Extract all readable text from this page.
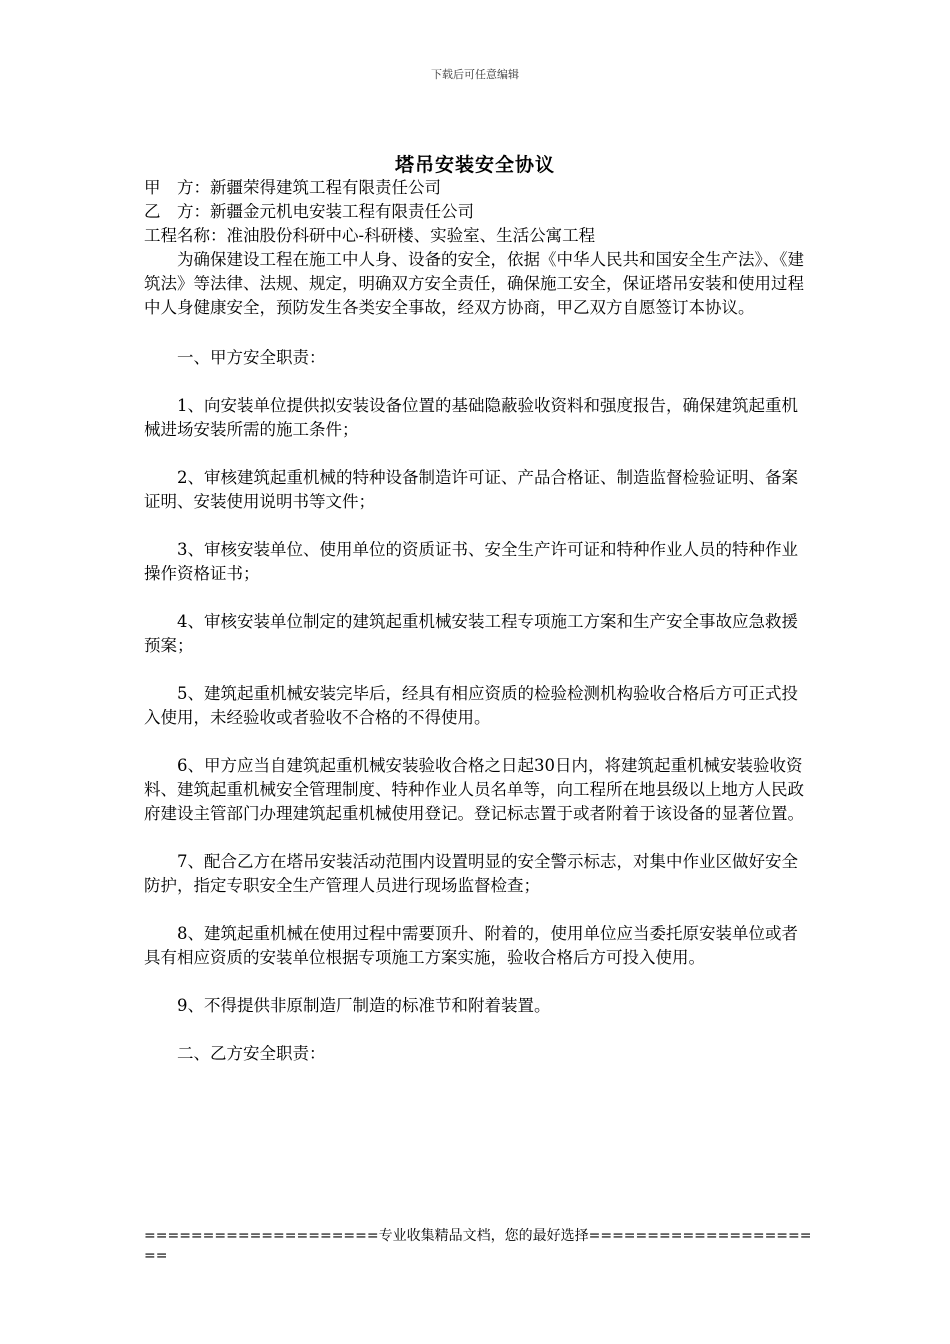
下载后可任意编辑
塔吊安装安全协议

甲　方：新疆荣得建筑工程有限责任公司

乙　方：新疆金元机电安装工程有限责任公司

工程名称：准油股份科研中心-科研楼、实验室、生活公寓工程

为确保建设工程在施工中人身、设备的安全，依据《中华人民共和国安全生产法》、《建筑法》等法律、法规、规定，明确双方安全责任，确保施工安全，保证塔吊安装和使用过程中人身健康安全，预防发生各类安全事故，经双方协商，甲乙双方自愿签订本协议。

一、甲方安全职责：

1、向安装单位提供拟安装设备位置的基础隐蔽验收资料和强度报告，确保建筑起重机械进场安装所需的施工条件；

2、审核建筑起重机械的特种设备制造许可证、产品合格证、制造监督检验证明、备案证明、安装使用说明书等文件；

3、审核安装单位、使用单位的资质证书、安全生产许可证和特种作业人员的特种作业操作资格证书；

4、审核安装单位制定的建筑起重机械安装工程专项施工方案和生产安全事故应急救援预案；

5、建筑起重机械安装完毕后，经具有相应资质的检验检测机构验收合格后方可正式投入使用，未经验收或者验收不合格的不得使用。

6、甲方应当自建筑起重机械安装验收合格之日起30日内，将建筑起重机械安装验收资料、建筑起重机械安全管理制度、特种作业人员名单等，向工程所在地县级以上地方人民政府建设主管部门办理建筑起重机械使用登记。登记标志置于或者附着于该设备的显著位置。

7、配合乙方在塔吊安装活动范围内设置明显的安全警示标志，对集中作业区做好安全防护，指定专职安全生产管理人员进行现场监督检查；

8、建筑起重机械在使用过程中需要顶升、附着的，使用单位应当委托原安装单位或者具有相应资质的安装单位根据专项施工方案实施，验收合格后方可投入使用。

9、不得提供非原制造厂制造的标准节和附着装置。

二、乙方安全职责：

====================专业收集精品文档，您的最好选择=====================
